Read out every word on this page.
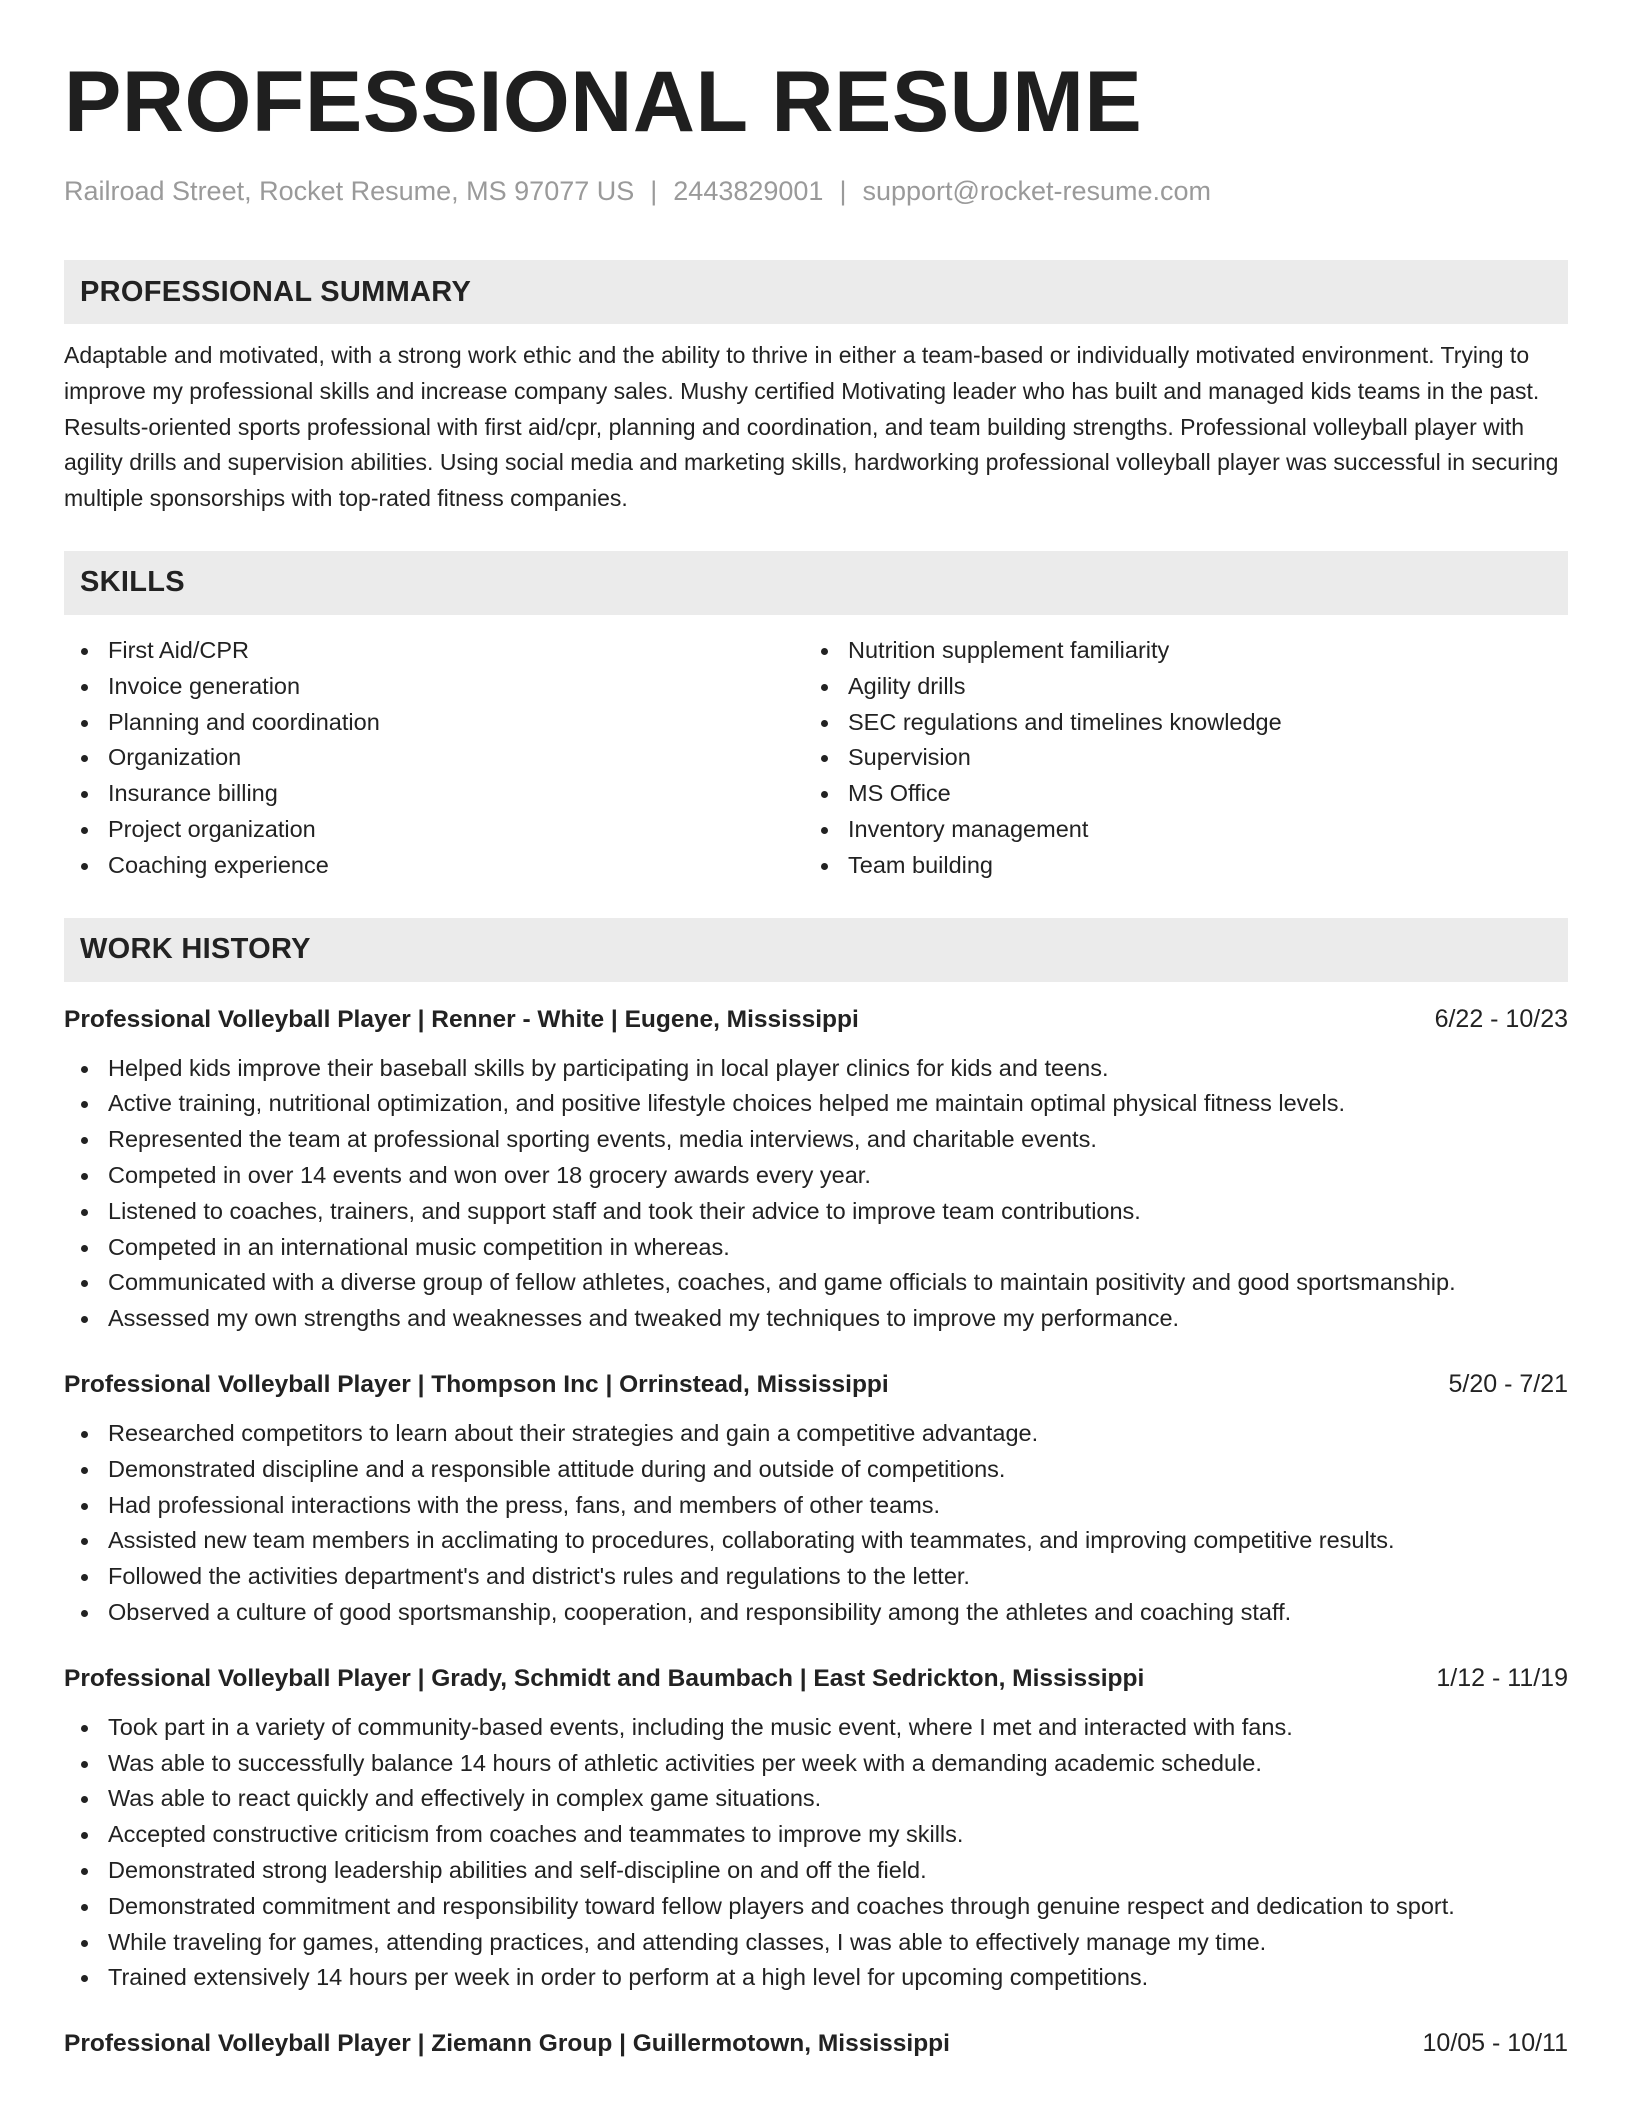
PROFESSIONAL RESUME
Railroad Street, Rocket Resume, MS 97077 US | 2443829001 | support@rocket-resume.com
PROFESSIONAL SUMMARY
Adaptable and motivated, with a strong work ethic and the ability to thrive in either a team-based or individually motivated environment. Trying to improve my professional skills and increase company sales. Mushy certified Motivating leader who has built and managed kids teams in the past. Results-oriented sports professional with first aid/cpr, planning and coordination, and team building strengths. Professional volleyball player with agility drills and supervision abilities. Using social media and marketing skills, hardworking professional volleyball player was successful in securing multiple sponsorships with top-rated fitness companies.
SKILLS
First Aid/CPR
Invoice generation
Planning and coordination
Organization
Insurance billing
Project organization
Coaching experience
Nutrition supplement familiarity
Agility drills
SEC regulations and timelines knowledge
Supervision
MS Office
Inventory management
Team building
WORK HISTORY
Professional Volleyball Player | Renner - White | Eugene, Mississippi	6/22 - 10/23
Helped kids improve their baseball skills by participating in local player clinics for kids and teens.
Active training, nutritional optimization, and positive lifestyle choices helped me maintain optimal physical fitness levels.
Represented the team at professional sporting events, media interviews, and charitable events.
Competed in over 14 events and won over 18 grocery awards every year.
Listened to coaches, trainers, and support staff and took their advice to improve team contributions.
Competed in an international music competition in whereas.
Communicated with a diverse group of fellow athletes, coaches, and game officials to maintain positivity and good sportsmanship.
Assessed my own strengths and weaknesses and tweaked my techniques to improve my performance.
Professional Volleyball Player | Thompson Inc | Orrinstead, Mississippi	5/20 - 7/21
Researched competitors to learn about their strategies and gain a competitive advantage.
Demonstrated discipline and a responsible attitude during and outside of competitions.
Had professional interactions with the press, fans, and members of other teams.
Assisted new team members in acclimating to procedures, collaborating with teammates, and improving competitive results.
Followed the activities department's and district's rules and regulations to the letter.
Observed a culture of good sportsmanship, cooperation, and responsibility among the athletes and coaching staff.
Professional Volleyball Player | Grady, Schmidt and Baumbach | East Sedrickton, Mississippi	1/12 - 11/19
Took part in a variety of community-based events, including the music event, where I met and interacted with fans.
Was able to successfully balance 14 hours of athletic activities per week with a demanding academic schedule.
Was able to react quickly and effectively in complex game situations.
Accepted constructive criticism from coaches and teammates to improve my skills.
Demonstrated strong leadership abilities and self-discipline on and off the field.
Demonstrated commitment and responsibility toward fellow players and coaches through genuine respect and dedication to sport.
While traveling for games, attending practices, and attending classes, I was able to effectively manage my time.
Trained extensively 14 hours per week in order to perform at a high level for upcoming competitions.
Professional Volleyball Player | Ziemann Group | Guillermotown, Mississippi	10/05 - 10/11
